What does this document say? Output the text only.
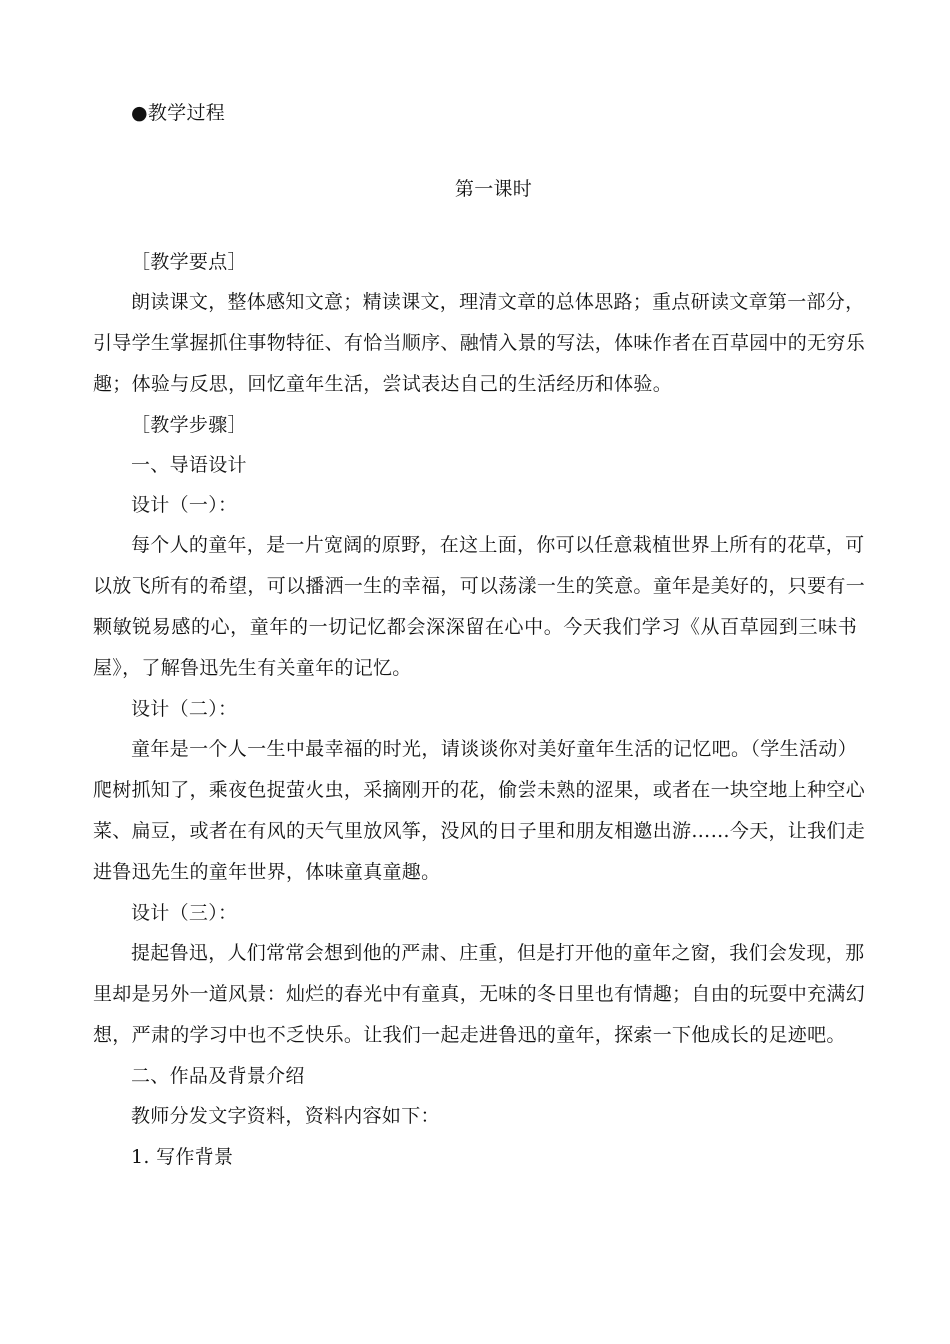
●教学过程
第一课时
［教学要点］
朗读课文，整体感知文意；精读课文，理清文章的总体思路；重点研读文章第一部分，
引导学生掌握抓住事物特征、有恰当顺序、融情入景的写法，体味作者在百草园中的无穷乐
趣；体验与反思，回忆童年生活，尝试表达自己的生活经历和体验。
［教学步骤］
一、导语设计
设计（一）：
每个人的童年，是一片宽阔的原野，在这上面，你可以任意栽植世界上所有的花草，可
以放飞所有的希望，可以播洒一生的幸福，可以荡漾一生的笑意。童年是美好的，只要有一
颗敏锐易感的心，童年的一切记忆都会深深留在心中。今天我们学习《从百草园到三味书
屋》，了解鲁迅先生有关童年的记忆。
设计（二）：
童年是一个人一生中最幸福的时光，请谈谈你对美好童年生活的记忆吧。（学生活动）
爬树抓知了，乘夜色捉萤火虫，采摘刚开的花，偷尝未熟的涩果，或者在一块空地上种空心
菜、扁豆，或者在有风的天气里放风筝，没风的日子里和朋友相邀出游……今天，让我们走
进鲁迅先生的童年世界，体味童真童趣。
设计（三）：
提起鲁迅，人们常常会想到他的严肃、庄重，但是打开他的童年之窗，我们会发现，那
里却是另外一道风景：灿烂的春光中有童真，无味的冬日里也有情趣；自由的玩耍中充满幻
想，严肃的学习中也不乏快乐。让我们一起走进鲁迅的童年，探索一下他成长的足迹吧。
二、作品及背景介绍
教师分发文字资料，资料内容如下：
1. 写作背景
